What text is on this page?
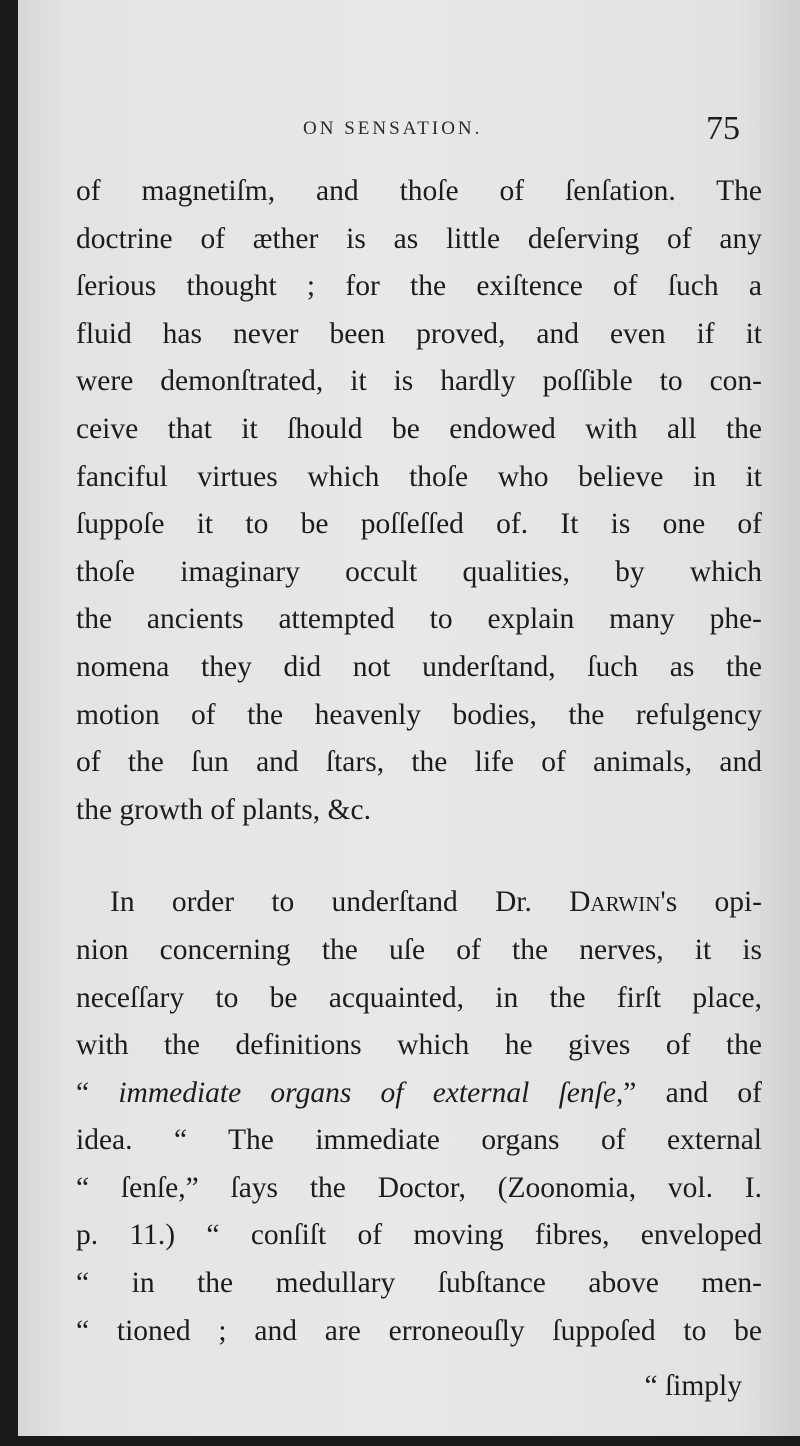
ON SENSATION.	75
of magnetiſm, and thoſe of ſenſation. The
doctrine of æther is as little deſerving of any
ſerious thought ; for the exiſtence of ſuch a
fluid has never been proved, and even if it
were demonſtrated, it is hardly poſſible to con-
ceive that it ſhould be endowed with all the
fanciful virtues which thoſe who believe in it
ſuppoſe it to be poſſeſſed of. It is one of
thoſe imaginary occult qualities, by which
the ancients attempted to explain many phe-
nomena they did not underſtand, ſuch as the
motion of the heavenly bodies, the refulgency
of the ſun and ſtars, the life of animals, and
the growth of plants, &c.
In order to underſtand Dr. Darwin's opi-
nion concerning the uſe of the nerves, it is
neceſſary to be acquainted, in the firſt place,
with the definitions which he gives of the
“ immediate organs of external ſenſe,” and of
idea. “ The immediate organs of external
“ ſenſe,” ſays the Doctor, (Zoonomia, vol. I.
p. 11.) “ conſiſt of moving fibres, enveloped
“ in the medullary ſubſtance above men-
“ tioned ; and are erroneouſly ſuppoſed to be
“ ſimply
